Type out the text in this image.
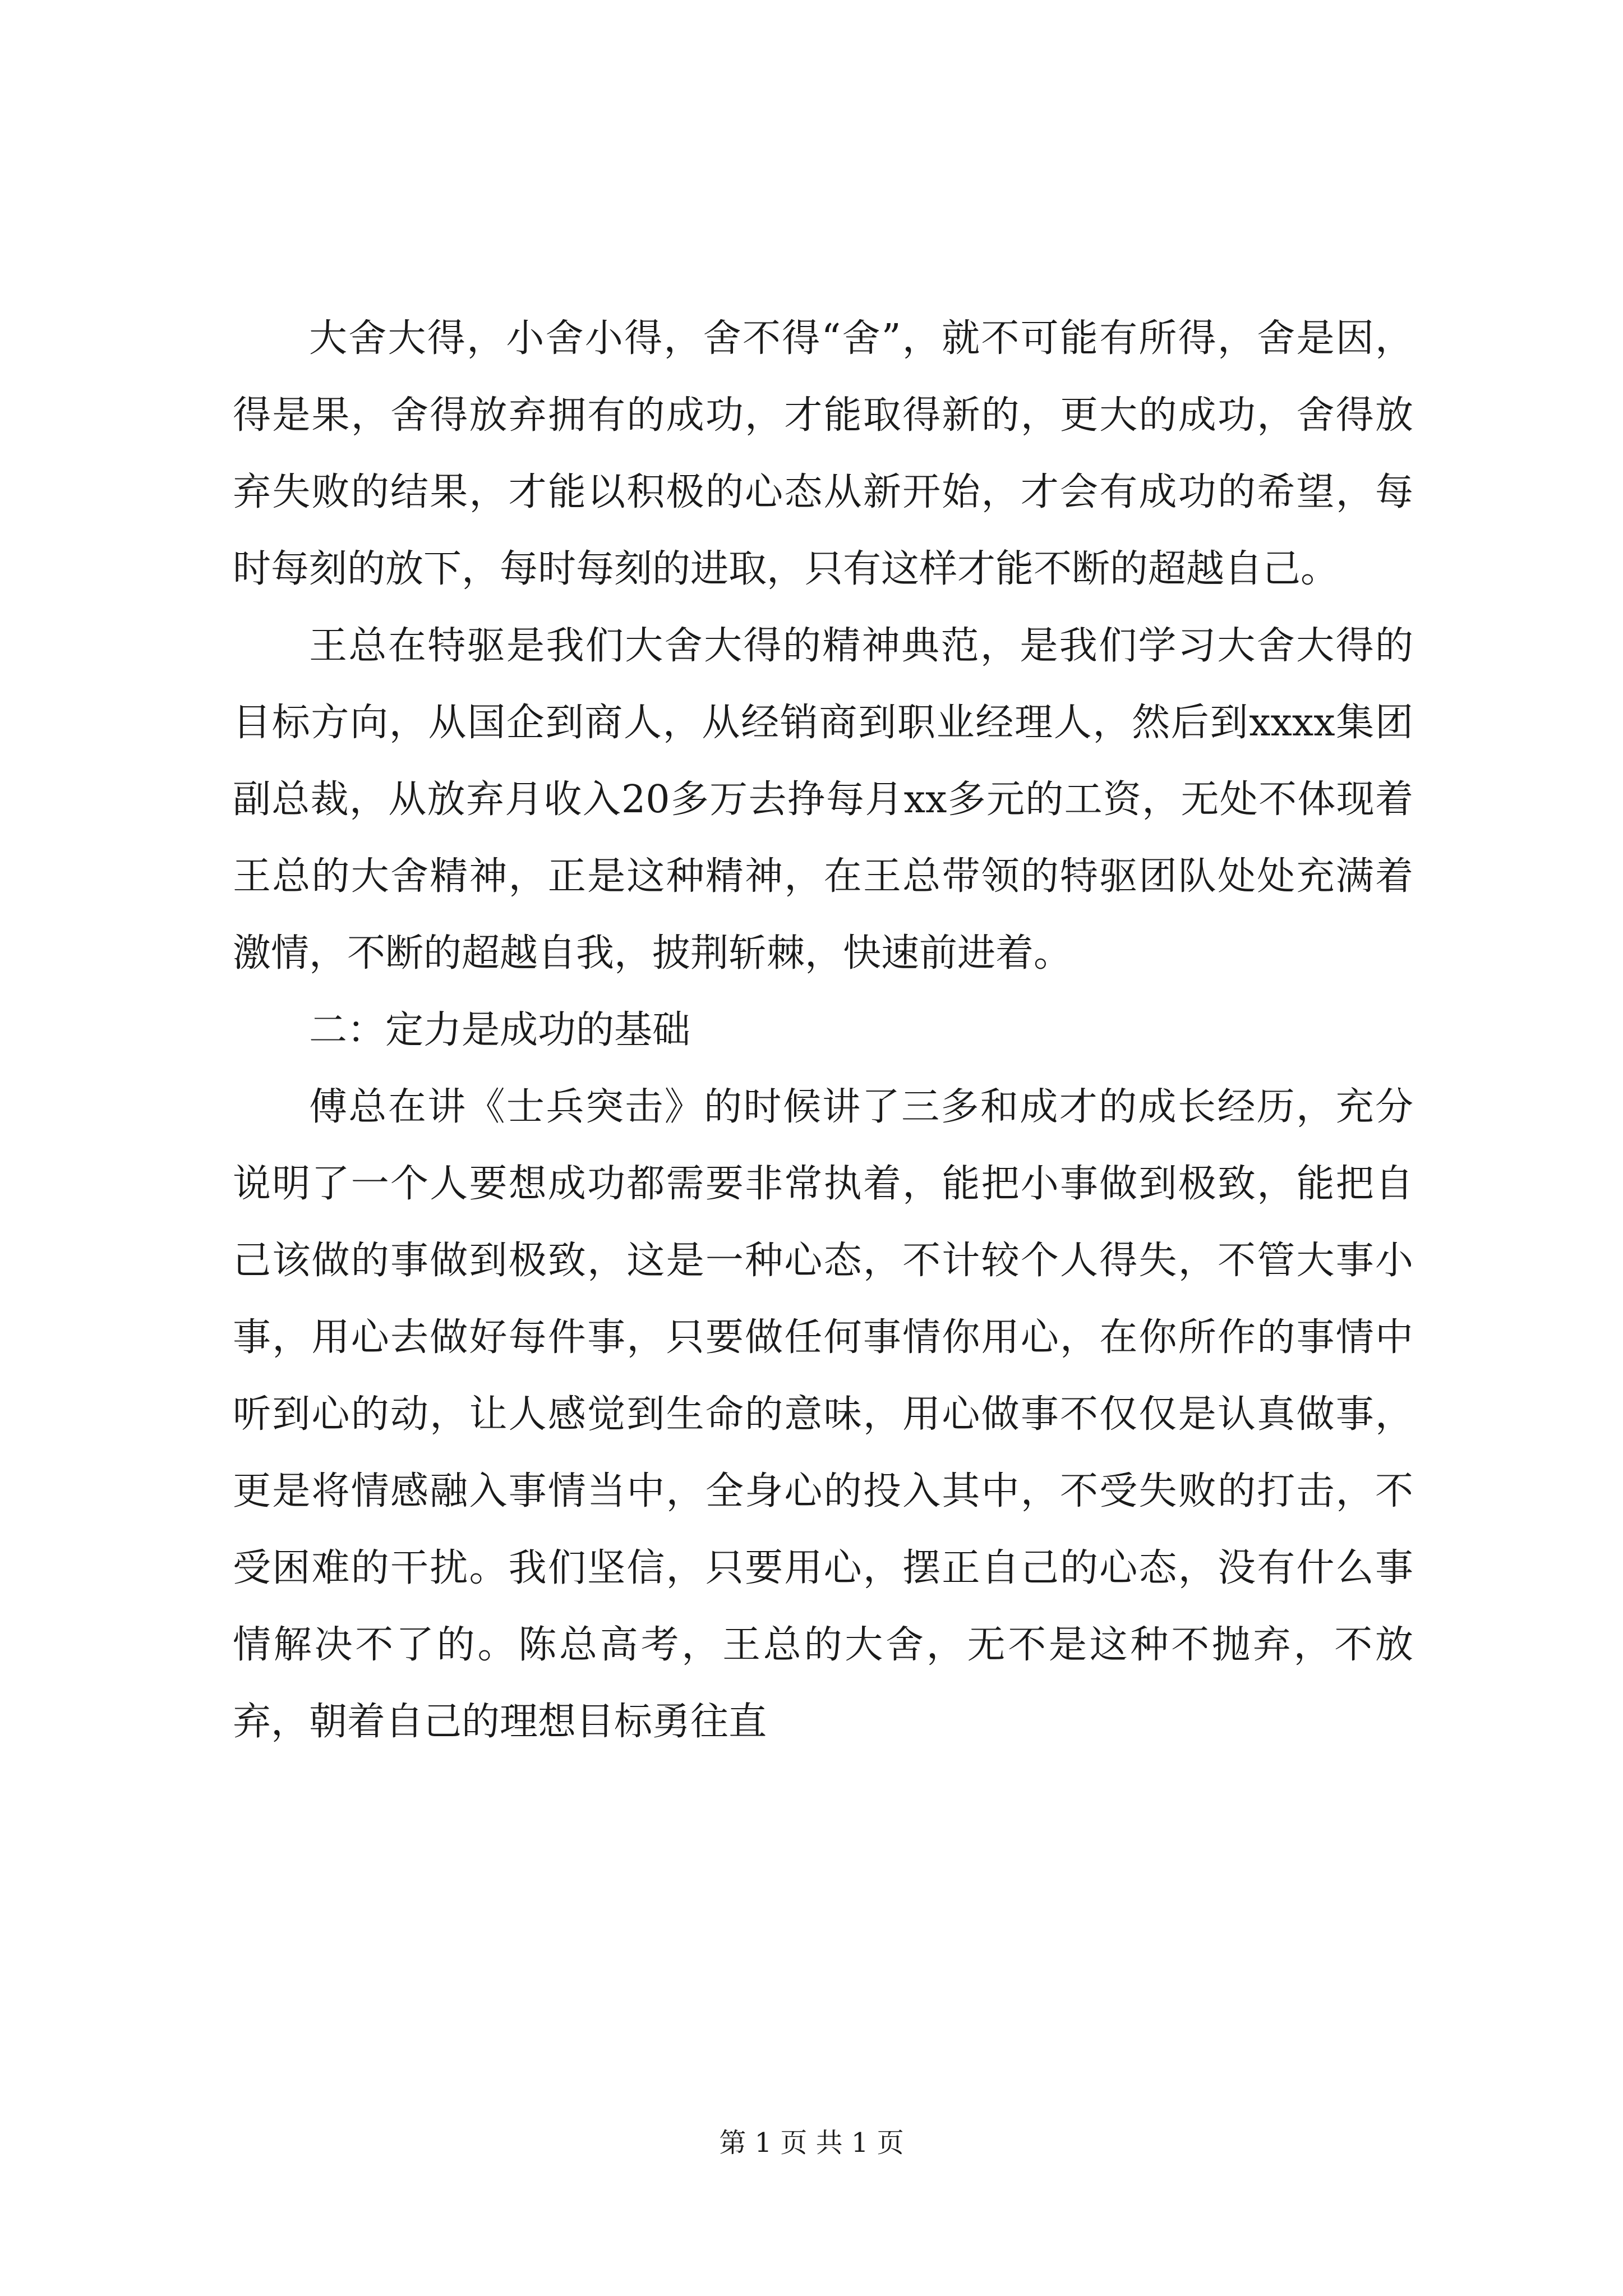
大舍大得，小舍小得，舍不得“舍”，就不可能有所得，舍是因，得是果，舍得放弃拥有的成功，才能取得新的，更大的成功，舍得放弃失败的结果，才能以积极的心态从新开始，才会有成功的希望，每时每刻的放下，每时每刻的进取，只有这样才能不断的超越自己。

王总在特驱是我们大舍大得的精神典范，是我们学习大舍大得的目标方向，从国企到商人，从经销商到职业经理人，然后到xxxx集团副总裁，从放弃月收入20多万去挣每月xx多元的工资，无处不体现着王总的大舍精神，正是这种精神，在王总带领的特驱团队处处充满着激情，不断的超越自我，披荆斩棘，快速前进着。

二：定力是成功的基础

傅总在讲《士兵突击》的时候讲了三多和成才的成长经历，充分说明了一个人要想成功都需要非常执着，能把小事做到极致，能把自己该做的事做到极致，这是一种心态，不计较个人得失，不管大事小事，用心去做好每件事，只要做任何事情你用心，在你所作的事情中听到心的动，让人感觉到生命的意味，用心做事不仅仅是认真做事，更是将情感融入事情当中，全身心的投入其中，不受失败的打击，不受困难的干扰。我们坚信，只要用心，摆正自己的心态，没有什么事情解决不了的。陈总高考，王总的大舍，无不是这种不抛弃，不放弃，朝着自己的理想目标勇往直

第 1 页 共 1 页
